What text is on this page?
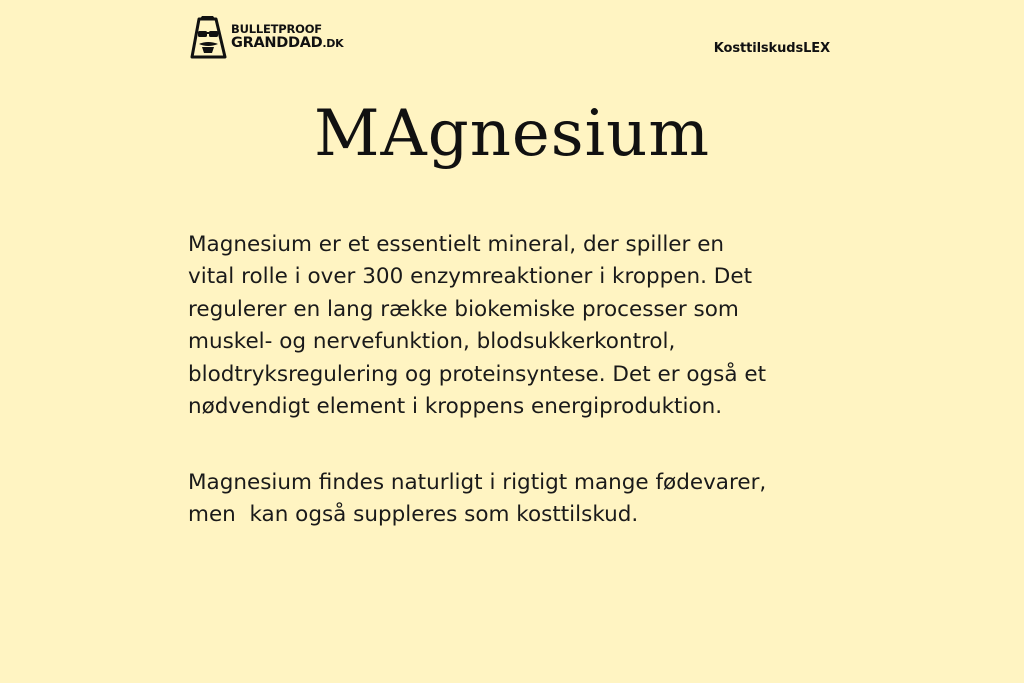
BULLETPROOF
GRANDDAD.DK	KosttilskudsLEX
MAgnesium
Magnesium er et essentielt mineral, der spiller en
vital rolle i over 300 enzymreaktioner i kroppen. Det
regulerer en lang række biokemiske processer som
muskel- og nervefunktion, blodsukkerkontrol,
blodtryksregulering og proteinsyntese. Det er også et
nødvendigt element i kroppens energiproduktion.
Magnesium findes naturligt i rigtigt mange fødevarer,
men  kan også suppleres som kosttilskud.
